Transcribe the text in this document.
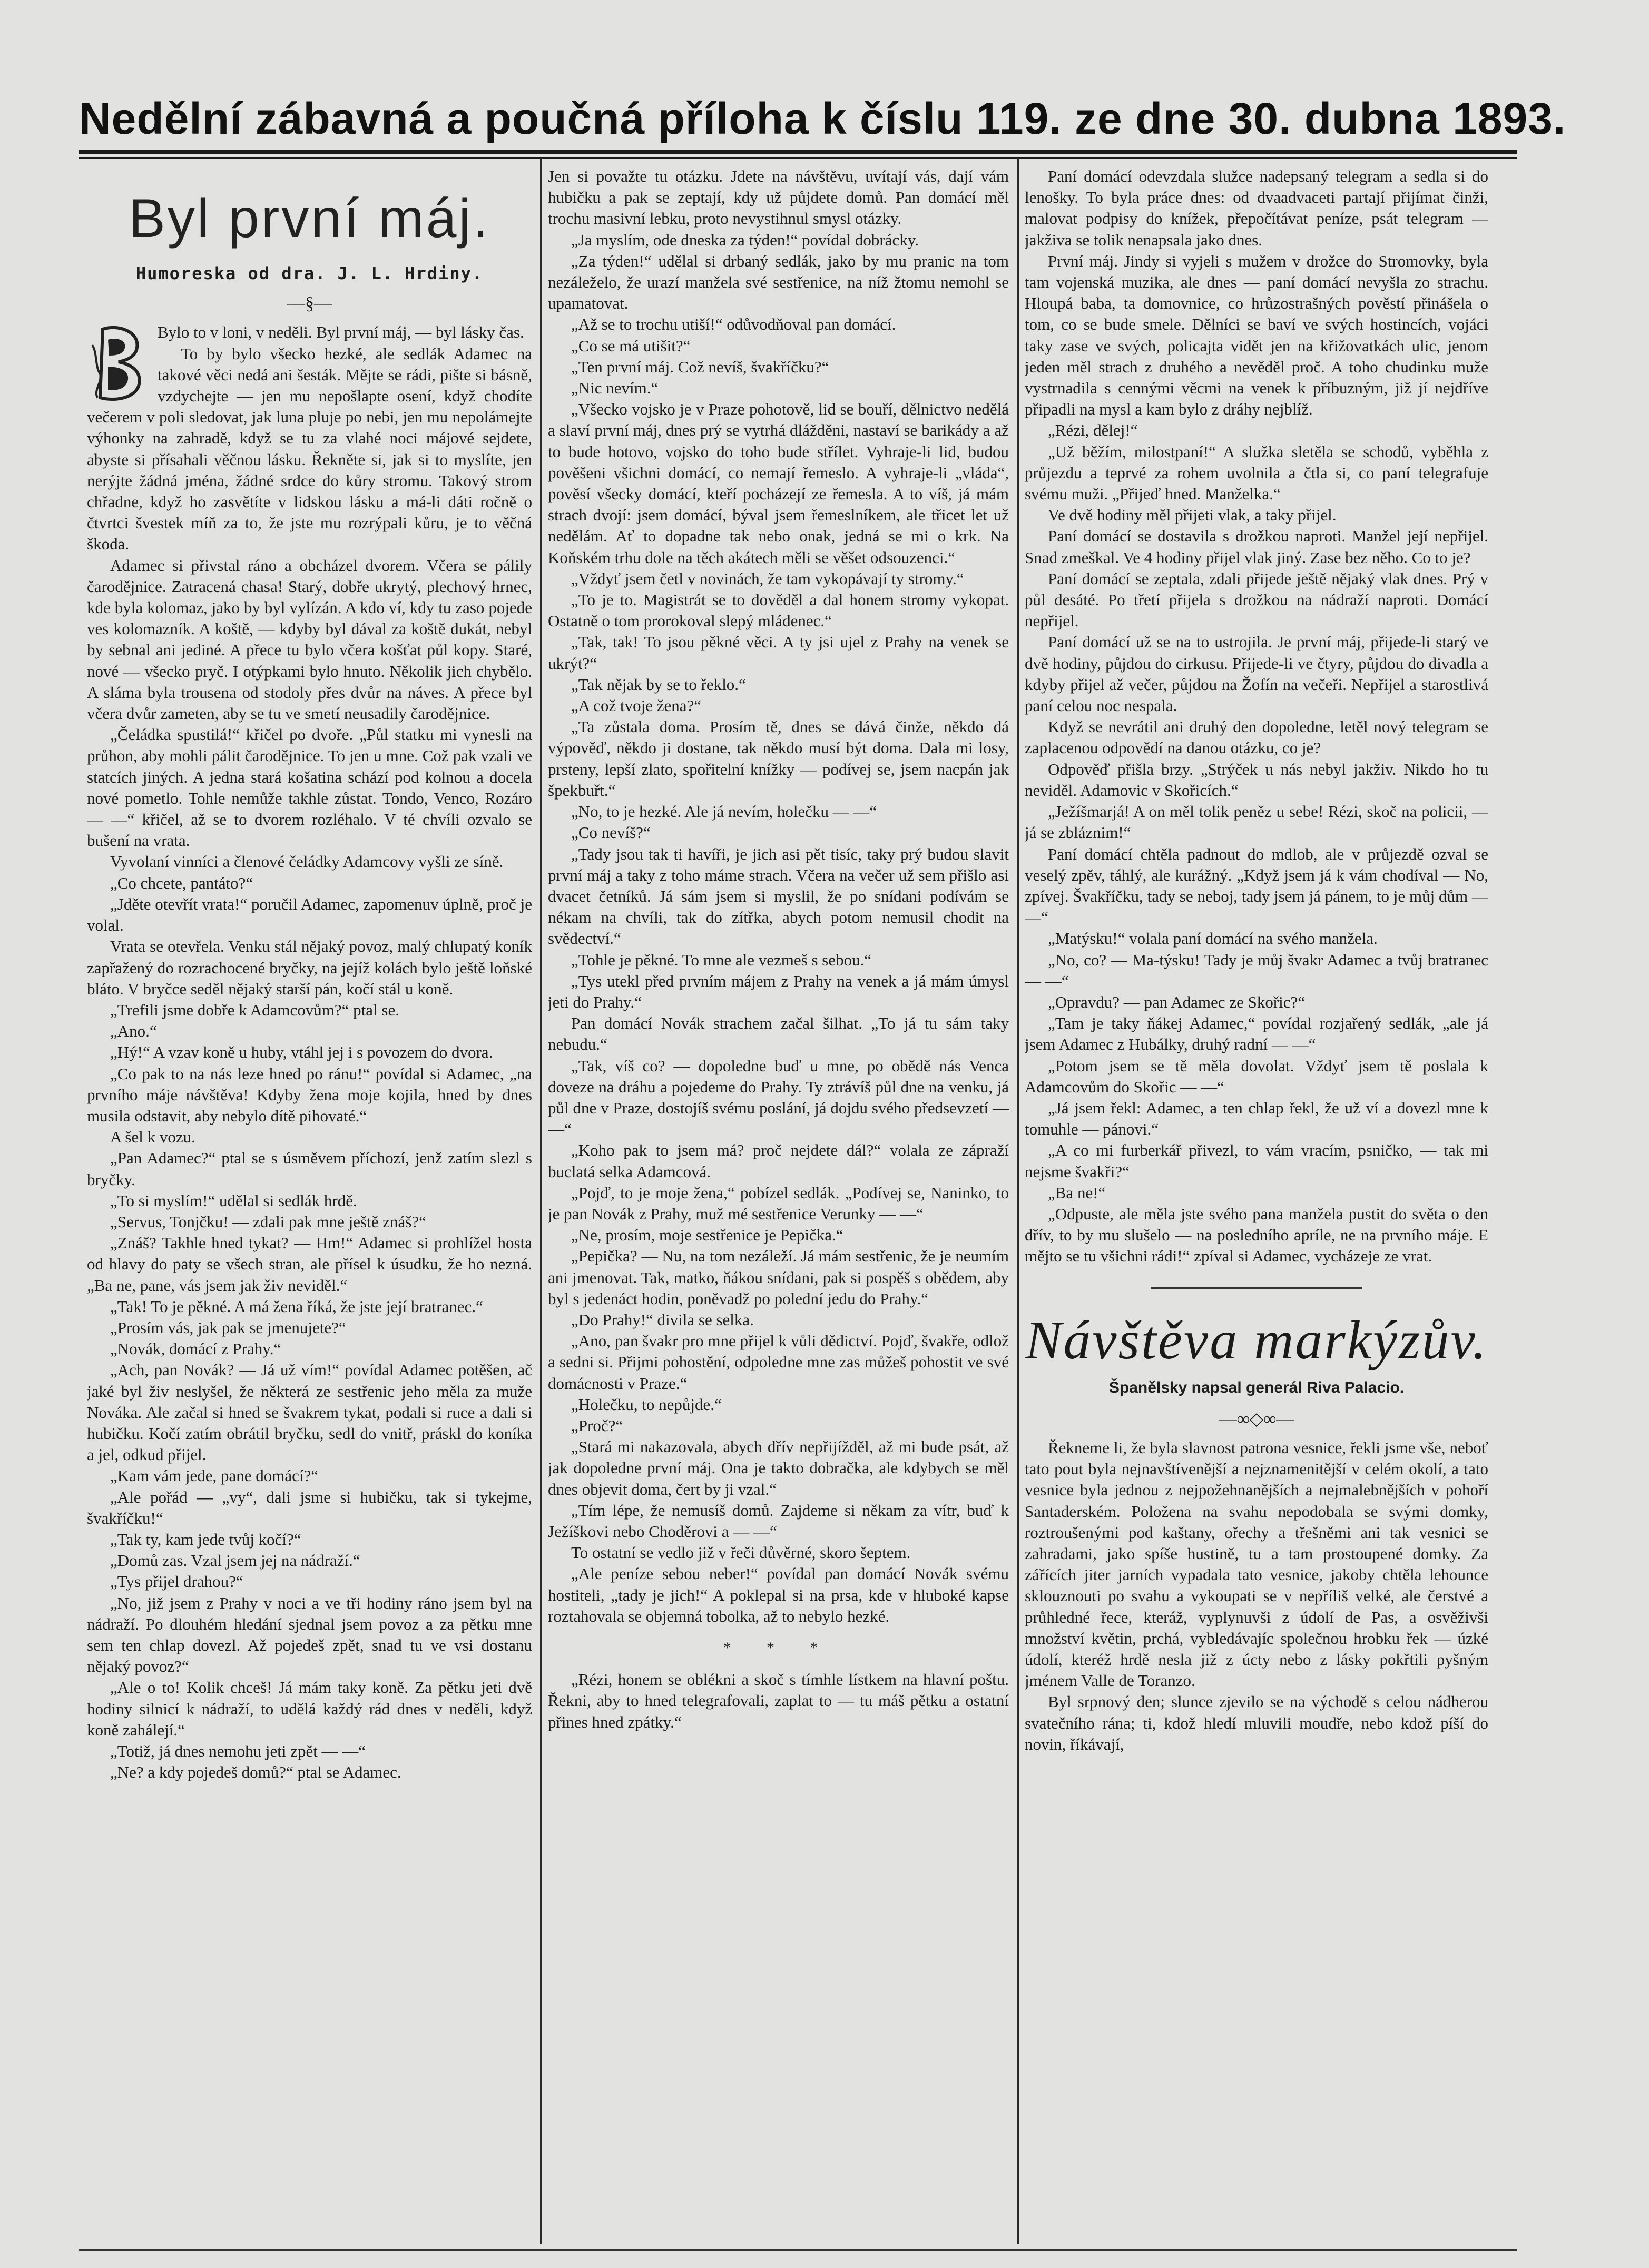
Nedělní zábavná a poučná příloha k číslu 119. ze dne 30. dubna 1893.
Byl první máj.
Humoreska od dra. J. L. Hrdiny.
—§—

Bylo to v loni, v neděli. Byl první máj, — byl lásky čas.

To by bylo všecko hezké, ale sedlák Adamec na takové věci nedá ani šesták. Mějte se rádi, pište si básně, vzdychejte — jen mu nepošlapte osení, když chodíte večerem v poli sledovat, jak luna pluje po nebi, jen mu nepolámejte výhonky na zahradě, když se tu za vlahé noci májové sejdete, abyste si přísahali věčnou lásku. Řekněte si, jak si to myslíte, jen nerýjte žádná jména, žádné srdce do kůry stromu. Takový strom chřadne, když ho zasvětíte v lidskou lásku a má-li dáti ročně o čtvrtci švestek míň za to, že jste mu rozrýpali kůru, je to věčná škoda.

Adamec si přivstal ráno a obcházel dvorem. Včera se pálily čarodějnice. Zatracená chasa! Starý, dobře ukrytý, plechový hrnec, kde byla kolomaz, jako by byl vylízán. A kdo ví, kdy tu zaso pojede ves kolomazník. A koště, — kdyby byl dával za koště dukát, nebyl by sebnal ani jediné. A přece tu bylo včera košťat půl kopy. Staré, nové — všecko pryč. I otýpkami bylo hnuto. Několik jich chybělo. A sláma byla trousena od stodoly přes dvůr na náves. A přece byl včera dvůr zameten, aby se tu ve smetí neusadily čarodějnice.

„Čeládka spustilá!“ křičel po dvoře. „Půl statku mi vynesli na průhon, aby mohli pálit čarodějnice. To jen u mne. Což pak vzali ve statcích jiných. A jedna stará košatina schází pod kolnou a docela nové pometlo. Tohle nemůže takhle zůstat. Tondo, Venco, Rozáro — —“ křičel, až se to dvorem rozléhalo. V té chvíli ozvalo se bušení na vrata.

Vyvolaní vinníci a členové čeládky Adamcovy vyšli ze síně.

„Co chcete, pantáto?“

„Jděte otevřít vrata!“ poručil Adamec, zapomenuv úplně, proč je volal.

Vrata se otevřela. Venku stál nějaký povoz, malý chlupatý koník zapřažený do rozrachocené bryčky, na jejíž kolách bylo ještě loňské bláto. V bryčce seděl nějaký starší pán, kočí stál u koně.

„Trefili jsme dobře k Adamcovům?“ ptal se.

„Ano.“

„Hý!“ A vzav koně u huby, vtáhl jej i s povozem do dvora.

„Co pak to na nás leze hned po ránu!“ povídal si Adamec, „na prvního máje návštěva! Kdyby žena moje kojila, hned by dnes musila odstavit, aby nebylo dítě pihovaté.“

A šel k vozu.

„Pan Adamec?“ ptal se s úsměvem příchozí, jenž zatím slezl s bryčky.

„To si myslím!“ udělal si sedlák hrdě.

„Servus, Tonjčku! — zdali pak mne ještě znáš?“

„Znáš? Takhle hned tykat? — Hm!“ Adamec si prohlížel hosta od hlavy do paty se všech stran, ale přísel k úsudku, že ho nezná. „Ba ne, pane, vás jsem jak živ neviděl.“

„Tak! To je pěkné. A má žena říká, že jste její bratranec.“

„Prosím vás, jak pak se jmenujete?“

„Novák, domácí z Prahy.“

„Ach, pan Novák? — Já už vím!“ povídal Adamec potěšen, ač jaké byl živ neslyšel, že některá ze sestřenic jeho měla za muže Nováka. Ale začal si hned se švakrem tykat, podali si ruce a dali si hubičku. Kočí zatím obrátil bryčku, sedl do vnitř, práskl do koníka a jel, odkud přijel.

„Kam vám jede, pane domácí?“

„Ale pořád — „vy“, dali jsme si hubičku, tak si tykejme, švakříčku!“

„Tak ty, kam jede tvůj kočí?“

„Domů zas. Vzal jsem jej na nádraží.“

„Tys přijel drahou?“

„No, již jsem z Prahy v noci a ve tři hodiny ráno jsem byl na nádraží. Po dlouhém hledání sjednal jsem povoz a za pětku mne sem ten chlap dovezl. Až pojedeš zpět, snad tu ve vsi dostanu nějaký povoz?“

„Ale o to! Kolik chceš! Já mám taky koně. Za pětku jeti dvě hodiny silnicí k nádraží, to udělá každý rád dnes v neděli, když koně zahálejí.“

„Totiž, já dnes nemohu jeti zpět — —“

„Ne? a kdy pojedeš domů?“ ptal se Adamec.

Jen si považte tu otázku. Jdete na návštěvu, uvítají vás, dají vám hubičku a pak se zeptají, kdy už půjdete domů. Pan domácí měl trochu masivní lebku, proto nevystihnul smysl otázky.

„Ja myslím, ode dneska za týden!“ povídal dobrácky.

„Za týden!“ udělal si drbaný sedlák, jako by mu pranic na tom nezáleželo, že urazí manžela své sestřenice, na níž žtomu nemohl se upamatovat.

„Až se to trochu utiší!“ odůvodňoval pan domácí.

„Co se má utišit?“

„Ten první máj. Což nevíš, švakříčku?“

„Nic nevím.“

„Všecko vojsko je v Praze pohotově, lid se bouří, dělnictvo nedělá a slaví první máj, dnes prý se vytrhá dlážděni, nastaví se barikády a až to bude hotovo, vojsko do toho bude střílet. Vyhraje-li lid, budou pověšeni všichni domácí, co nemají řemeslo. A vyhraje-li „vláda“, pověsí všecky domácí, kteří pocházejí ze řemesla. A to víš, já mám strach dvojí: jsem domácí, býval jsem řemeslníkem, ale třicet let už nedělám. Ať to dopadne tak nebo onak, jedná se mi o krk. Na Koňském trhu dole na těch akátech měli se věšet odsouzenci.“

„Vždyť jsem četl v novinách, že tam vykopávají ty stromy.“

„To je to. Magistrát se to dověděl a dal honem stromy vykopat. Ostatně o tom prorokoval slepý mládenec.“

„Tak, tak! To jsou pěkné věci. A ty jsi ujel z Prahy na venek se ukrýt?“

„Tak nějak by se to řeklo.“

„A což tvoje žena?“

„Ta zůstala doma. Prosím tě, dnes se dává činže, někdo dá výpověď, někdo ji dostane, tak někdo musí být doma. Dala mi losy, prsteny, lepší zlato, spořitelní knížky — podívej se, jsem nacpán jak špekbuřt.“

„No, to je hezké. Ale já nevím, holečku — —“

„Co nevíš?“

„Tady jsou tak ti havíři, je jich asi pět tisíc, taky prý budou slavit první máj a taky z toho máme strach. Včera na večer už sem přišlo asi dvacet četníků. Já sám jsem si myslil, že po snídani podívám se nékam na chvíli, tak do zítřka, abych potom nemusil chodit na svědectví.“

„Tohle je pěkné. To mne ale vezmeš s sebou.“

„Tys utekl před prvním májem z Prahy na venek a já mám úmysl jeti do Prahy.“

Pan domácí Novák strachem začal šilhat. „To já tu sám taky nebudu.“

„Tak, víš co? — dopoledne buď u mne, po obědě nás Venca doveze na dráhu a pojedeme do Prahy. Ty ztrávíš půl dne na venku, já půl dne v Praze, dostojíš svému poslání, já dojdu svého předsevzetí — —“

„Koho pak to jsem má? proč nejdete dál?“ volala ze zápraží buclatá selka Adamcová.

„Pojď, to je moje žena,“ pobízel sedlák. „Podívej se, Naninko, to je pan Novák z Prahy, muž mé sestřenice Verunky — —“

„Ne, prosím, moje sestřenice je Pepička.“

„Pepička? — Nu, na tom nezáleží. Já mám sestřenic, že je neumím ani jmenovat. Tak, matko, ňákou snídani, pak si pospěš s obědem, aby byl s jedenáct hodin, poněvadž po polední jedu do Prahy.“

„Do Prahy!“ divila se selka.

„Ano, pan švakr pro mne přijel k vůli dědictví. Pojď, švakře, odlož a sedni si. Přijmi pohostění, odpoledne mne zas můžeš pohostit ve své domácnosti v Praze.“

„Holečku, to nepůjde.“

„Proč?“

„Stará mi nakazovala, abych dřív nepřijížděl, až mi bude psát, až jak dopoledne první máj. Ona je takto dobračka, ale kdybych se měl dnes objevit doma, čert by ji vzal.“

„Tím lépe, že nemusíš domů. Zajdeme si někam za vítr, buď k Ježíškovi nebo Choděrovi a — —“

To ostatní se vedlo již v řeči důvěrné, skoro šeptem.

„Ale peníze sebou neber!“ povídal pan domácí Novák svému hostiteli, „tady je jich!“ A poklepal si na prsa, kde v hluboké kapse roztahovala se objemná tobolka, až to nebylo hezké.

* * *

„Rézi, honem se oblékni a skoč s tímhle lístkem na hlavní poštu. Řekni, aby to hned telegrafovali, zaplat to — tu máš pětku a ostatní přines hned zpátky.“

Paní domácí odevzdala služce nadepsaný telegram a sedla si do lenošky. To byla práce dnes: od dvaadvaceti partají přijímat činži, malovat podpisy do knížek, přepočítávat peníze, psát telegram — jakživa se tolik nenapsala jako dnes.

První máj. Jindy si vyjeli s mužem v drožce do Stromovky, byla tam vojenská muzika, ale dnes — paní domácí nevyšla zo strachu. Hloupá baba, ta domovnice, co hrůzostrašných pověstí přinášela o tom, co se bude smele. Dělníci se baví ve svých hostincích, vojáci taky zase ve svých, policajta vidět jen na křižovatkách ulic, jenom jeden měl strach z druhého a nevěděl proč. A toho chudinku muže vystrnadila s cennými věcmi na venek k příbuzným, již jí nejdříve připadli na mysl a kam bylo z dráhy nejblíž.

„Rézi, dělej!“

„Už běžím, milostpaní!“ A služka sletěla se schodů, vyběhla z průjezdu a teprvé za rohem uvolnila a čtla si, co paní telegrafuje svému muži. „Přijeď hned. Manželka.“

Ve dvě hodiny měl přijeti vlak, a taky přijel.

Paní domácí se dostavila s drožkou naproti. Manžel její nepřijel. Snad zmeškal. Ve 4 hodiny přijel vlak jiný. Zase bez něho. Co to je?

Paní domácí se zeptala, zdali přijede ještě nějaký vlak dnes. Prý v půl desáté. Po třetí přijela s drožkou na nádraží naproti. Domácí nepřijel.

Paní domácí už se na to ustrojila. Je první máj, přijede-li starý ve dvě hodiny, půjdou do cirkusu. Přijede-li ve čtyry, půjdou do divadla a kdyby přijel až večer, půjdou na Žofín na večeři. Nepřijel a starostlivá paní celou noc nespala.

Když se nevrátil ani druhý den dopoledne, letěl nový telegram se zaplacenou odpovědí na danou otázku, co je?

Odpověď přišla brzy. „Strýček u nás nebyl jakživ. Nikdo ho tu neviděl. Adamovic v Skořicích.“

„Ježíšmarjá! A on měl tolik peněz u sebe! Rézi, skoč na policii, — já se zbláznim!“

Paní domácí chtěla padnout do mdlob, ale v průjezdě ozval se veselý zpěv, táhlý, ale kurážný. „Když jsem já k vám chodíval — No, zpívej. Švakříčku, tady se neboj, tady jsem já pánem, to je můj dům — —“

„Matýsku!“ volala paní domácí na svého manžela.

„No, co? — Ma-týsku! Tady je můj švakr Adamec a tvůj bratranec — —“

„Opravdu? — pan Adamec ze Skořic?“

„Tam je taky ňákej Adamec,“ povídal rozjařený sedlák, „ale já jsem Adamec z Hubálky, druhý radní — —“

„Potom jsem se tě měla dovolat. Vždyť jsem tě poslala k Adamcovům do Skořic — —“

„Já jsem řekl: Adamec, a ten chlap řekl, že už ví a dovezl mne k tomuhle — pánovi.“

„A co mi furberkář přivezl, to vám vracím, psničko, — tak mi nejsme švakři?“

„Ba ne!“

„Odpuste, ale měla jste svého pana manžela pustit do světa o den dřív, to by mu slušelo — na posledního apríle, ne na prvního máje. E mějto se tu všichni rádi!“ zpíval si Adamec, vycházeje ze vrat.

Návštěva markýzův.
Španělsky napsal generál Riva Palacio.
—∞◇∞—

Řekneme li, že byla slavnost patrona vesnice, řekli jsme vše, neboť tato pout byla nejnavštívenější a nejznamenitější v celém okolí, a tato vesnice byla jednou z nejpožehnanějších a nejmalebnějších v pohoří Santaderském. Položena na svahu nepodobala se svými domky, roztroušenými pod kaštany, ořechy a třešněmi ani tak vesnici se zahradami, jako spíše hustině, tu a tam prostoupené domky. Za zářících jiter jarních vypadala tato vesnice, jakoby chtěla lehounce sklouznouti po svahu a vykoupati se v nepříliš velké, ale čerstvé a průhledné řece, kteráž, vyplynuvši z údolí de Pas, a osvěživši množství květin, prchá, vybledávajíc společnou hrobku řek — úzké údolí, kteréž hrdě nesla již z úcty nebo z lásky pokřtili pyšným jménem Valle de Toranzo.

Byl srpnový den; slunce zjevilo se na východě s celou nádherou svatečního rána; ti, kdož hledí mluvili moudře, nebo kdož píší do novin, říkávají,
